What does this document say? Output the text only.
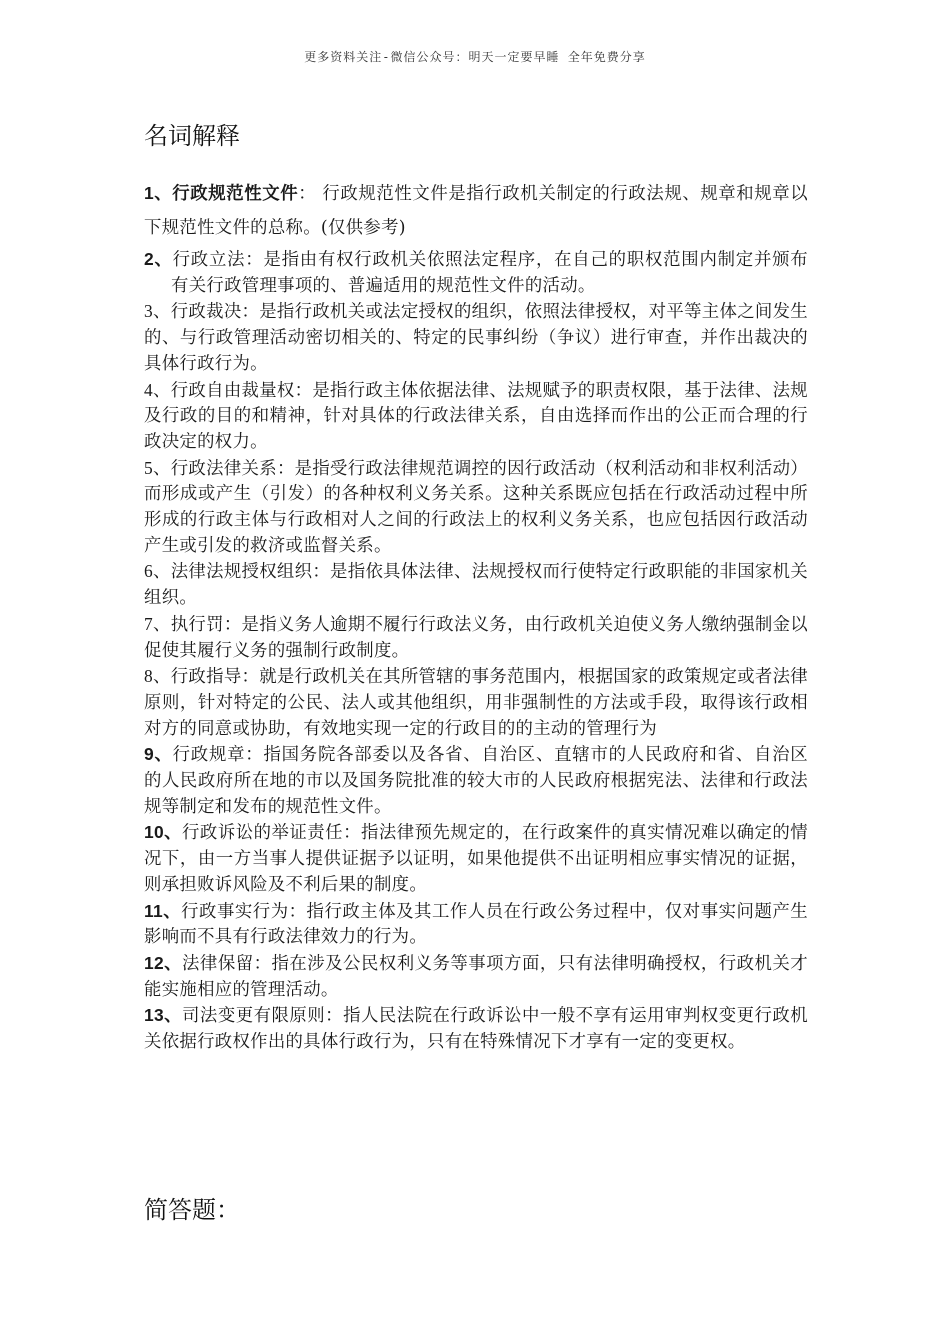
更多资料关注-微信公众号：明天一定要早睡 全年免费分享
名词解释

1、行政规范性文件： 行政规范性文件是指行政机关制定的行政法规、规章和规章以下规范性文件的总称。(仅供参考)

2、行政立法：是指由有权行政机关依照法定程序，在自己的职权范围内制定并颁布有关行政管理事项的、普遍适用的规范性文件的活动。

3、行政裁决：是指行政机关或法定授权的组织，依照法律授权，对平等主体之间发生的、与行政管理活动密切相关的、特定的民事纠纷（争议）进行审查，并作出裁决的具体行政行为。

4、行政自由裁量权：是指行政主体依据法律、法规赋予的职责权限，基于法律、法规及行政的目的和精神，针对具体的行政法律关系，自由选择而作出的公正而合理的行政决定的权力。

5、行政法律关系：是指受行政法律规范调控的因行政活动（权利活动和非权利活动）而形成或产生（引发）的各种权利义务关系。这种关系既应包括在行政活动过程中所形成的行政主体与行政相对人之间的行政法上的权利义务关系，也应包括因行政活动产生或引发的救济或监督关系。

6、法律法规授权组织：是指依具体法律、法规授权而行使特定行政职能的非国家机关组织。

7、执行罚：是指义务人逾期不履行行政法义务，由行政机关迫使义务人缴纳强制金以促使其履行义务的强制行政制度。

8、行政指导：就是行政机关在其所管辖的事务范围内，根据国家的政策规定或者法律原则，针对特定的公民、法人或其他组织，用非强制性的方法或手段，取得该行政相对方的同意或协助，有效地实现一定的行政目的的主动的管理行为

9、行政规章：指国务院各部委以及各省、自治区、直辖市的人民政府和省、自治区的人民政府所在地的市以及国务院批准的较大市的人民政府根据宪法、法律和行政法规等制定和发布的规范性文件。

10、行政诉讼的举证责任：指法律预先规定的，在行政案件的真实情况难以确定的情况下，由一方当事人提供证据予以证明，如果他提供不出证明相应事实情况的证据，则承担败诉风险及不利后果的制度。

11、行政事实行为：指行政主体及其工作人员在行政公务过程中，仅对事实问题产生影响而不具有行政法律效力的行为。

12、法律保留：指在涉及公民权利义务等事项方面，只有法律明确授权，行政机关才能实施相应的管理活动。

13、司法变更有限原则：指人民法院在行政诉讼中一般不享有运用审判权变更行政机关依据行政权作出的具体行政行为，只有在特殊情况下才享有一定的变更权。

简答题：
